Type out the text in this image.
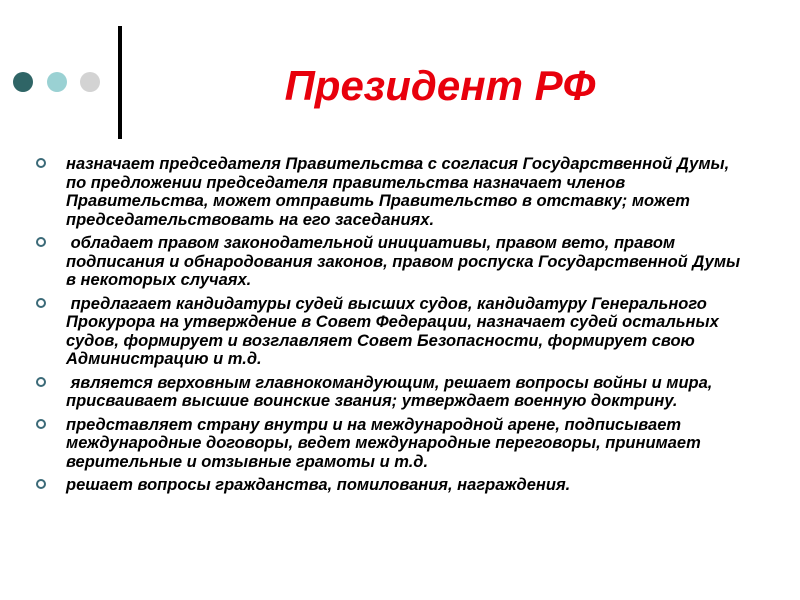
Президент РФ
назначает председателя Правительства с согласия Государственной Думы, по предложении председателя правительства назначает членов Правительства, может отправить Правительство в отставку; может председательствовать на его заседаниях.
обладает правом законодательной инициативы, правом вето, правом подписания и обнародования законов, правом роспуска Государственной Думы в некоторых случаях.
предлагает кандидатуры судей высших судов, кандидатуру Генерального Прокурора на утверждение в Совет Федерации, назначает судей остальных судов, формирует и возглавляет Совет Безопасности, формирует свою Администрацию и т.д.
является верховным главнокомандующим, решает вопросы войны и мира, присваивает высшие воинские звания; утверждает военную доктрину.
представляет страну внутри и на международной арене, подписывает международные договоры, ведет международные переговоры, принимает верительные и отзывные грамоты и т.д.
решает вопросы гражданства, помилования, награждения.
